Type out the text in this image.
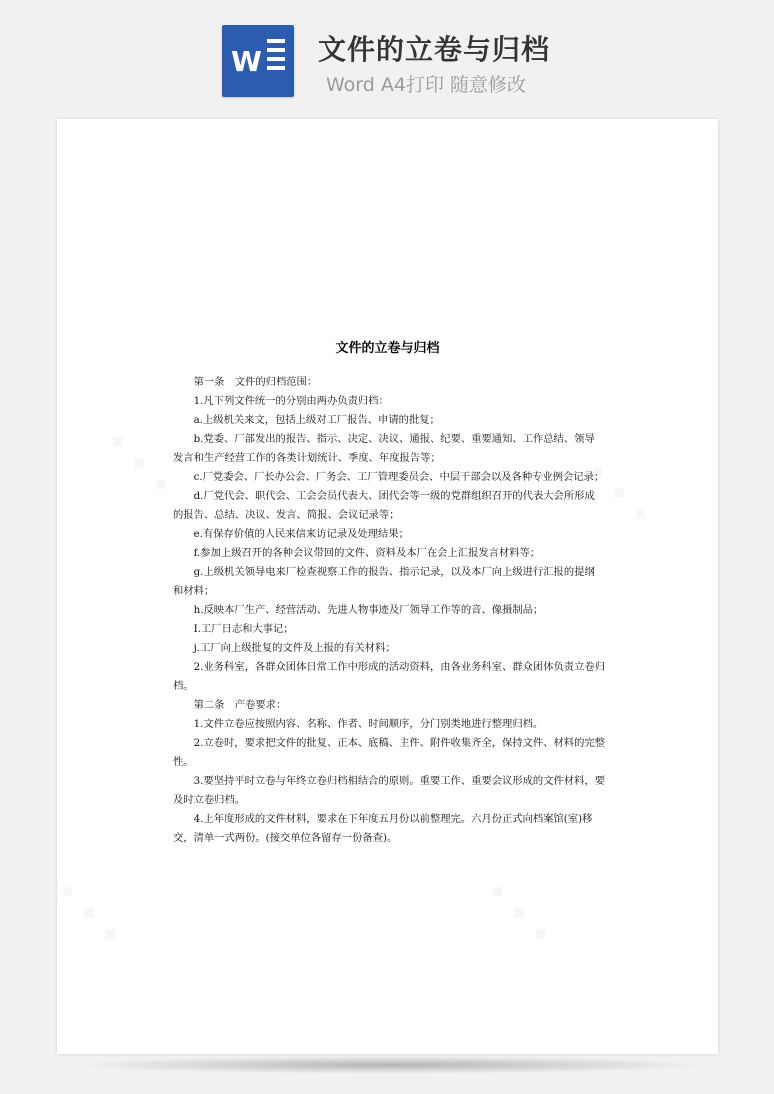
W 文件的立卷与归档
Word A4打印 随意修改
文件的立卷与归档

第一条　文件的归档范围：

1.凡下列文件统一的分别由两办负责归档：

a.上级机关来文，包括上级对工厂报告、申请的批复；

b.党委、厂部发出的报告、指示、决定、决议、通报、纪要、重要通知、工作总结、领导发言和生产经营工作的各类计划统计、季度、年度报告等；

c.厂党委会、厂长办公会、厂务会、工厂管理委员会、中层干部会以及各种专业例会记录；

d.厂党代会、职代会、工会会员代表大、团代会等一级的党群组织召开的代表大会所形成的报告、总结、决议、发言、简报、会议记录等；

e.有保存价值的人民来信来访记录及处理结果；

f.参加上级召开的各种会议带回的文件、资料及本厂在会上汇报发言材料等；

g.上级机关领导电来厂检查视察工作的报告、指示记录，以及本厂向上级进行汇报的提纲和材料；

h.反映本厂生产、经营活动、先进人物事迹及厂领导工作等的音、像摄制品；

I.工厂日志和大事记；

j.工厂向上级批复的文件及上报的有关材料；

2.业务科室，各群众团体日常工作中形成的活动资料，由各业务科室、群众团体负责立卷归档。

第二条　产卷要求：

1.文件立卷应按照内容、名称、作者、时间顺序，分门别类地进行整理归档。

2.立卷时，要求把文件的批复、正本、底稿、主件、附件收集齐全，保持文件、材料的完整性。

3.要坚持平时立卷与年终立卷归档相结合的原则。重要工作、重要会议形成的文件材料，要及时立卷归档。

4.上年度形成的文件材料，要求在下年度五月份以前整理完。六月份正式向档案馆(室)移交，清单一式两份。(接交单位各留存一份备查)。
